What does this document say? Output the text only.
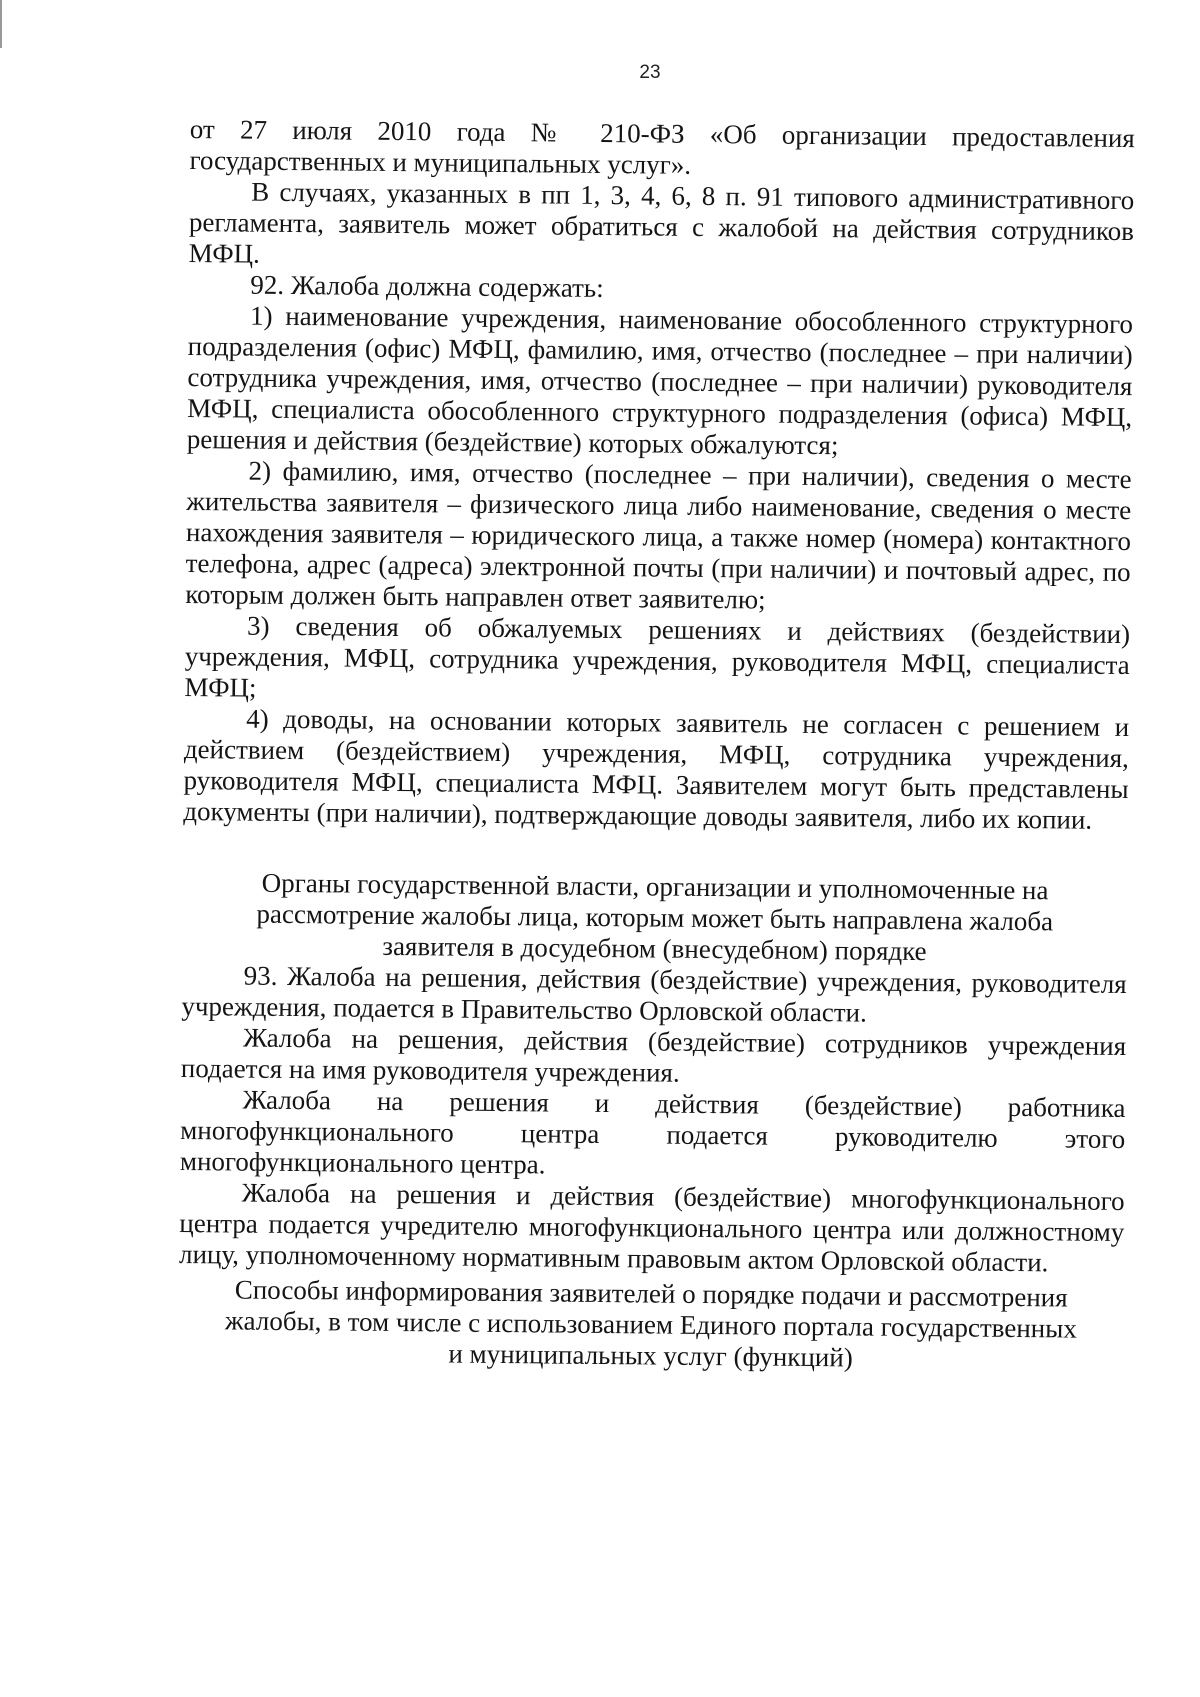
23

от 27 июля 2010 года № 210-ФЗ «Об организации предоставления государственных и муниципальных услуг».

В случаях, указанных в пп 1, 3, 4, 6, 8 п. 91 типового административного регламента, заявитель может обратиться с жалобой на действия сотрудников МФЦ.

92. Жалоба должна содержать:

1) наименование учреждения, наименование обособленного структурного подразделения (офис) МФЦ, фамилию, имя, отчество (последнее – при наличии) сотрудника учреждения, имя, отчество (последнее – при наличии) руководителя МФЦ, специалиста обособленного структурного подразделения (офиса) МФЦ, решения и действия (бездействие) которых обжалуются;

2) фамилию, имя, отчество (последнее – при наличии), сведения о месте жительства заявителя – физического лица либо наименование, сведения о месте нахождения заявителя – юридического лица, а также номер (номера) контактного телефона, адрес (адреса) электронной почты (при наличии) и почтовый адрес, по которым должен быть направлен ответ заявителю;

3) сведения об обжалуемых решениях и действиях (бездействии) учреждения, МФЦ, сотрудника учреждения, руководителя МФЦ, специалиста МФЦ;

4) доводы, на основании которых заявитель не согласен с решением и действием (бездействием) учреждения, МФЦ, сотрудника учреждения, руководителя МФЦ, специалиста МФЦ. Заявителем могут быть представлены документы (при наличии), подтверждающие доводы заявителя, либо их копии.

Органы государственной власти, организации и уполномоченные на рассмотрение жалобы лица, которым может быть направлена жалоба заявителя в досудебном (внесудебном) порядке

93. Жалоба на решения, действия (бездействие) учреждения, руководителя учреждения, подается в Правительство Орловской области.

Жалоба на решения, действия (бездействие) сотрудников учреждения подается на имя руководителя учреждения.

Жалоба на решения и действия (бездействие) работника многофункционального центра подается руководителю этого многофункционального центра.

Жалоба на решения и действия (бездействие) многофункционального центра подается учредителю многофункционального центра или должностному лицу, уполномоченному нормативным правовым актом Орловской области.

Способы информирования заявителей о порядке подачи и рассмотрения жалобы, в том числе с использованием Единого портала государственных и муниципальных услуг (функций)
